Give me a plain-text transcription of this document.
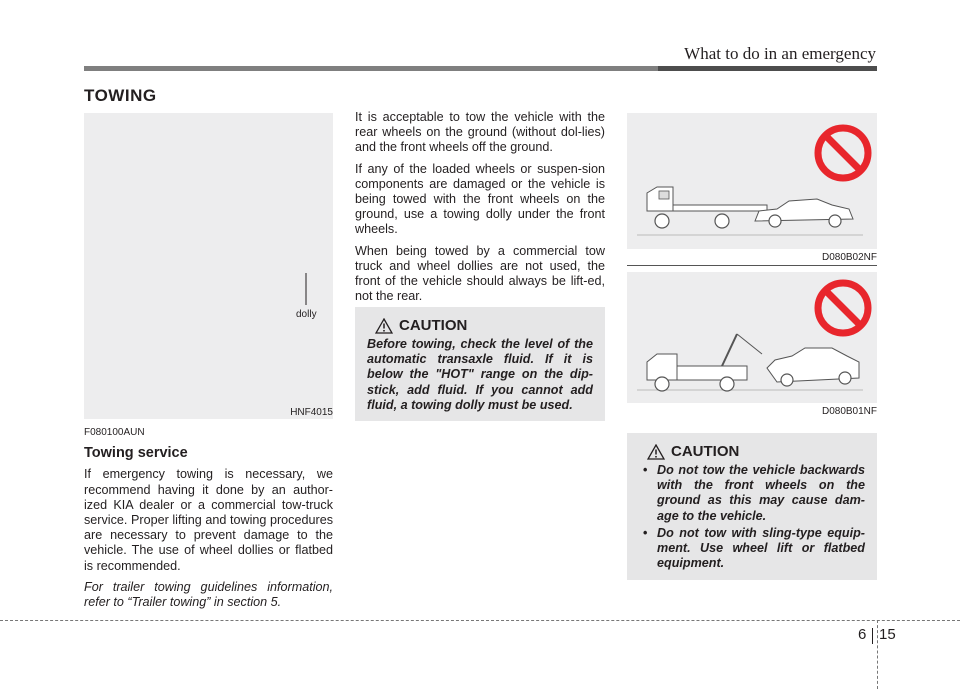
What to do in an emergency
TOWING
dolly
HNF4015
F080100AUN
Towing service

If emergency towing is necessary, we recommend having it done by an author-ized KIA dealer or a commercial tow-truck service. Proper lifting and towing procedures are necessary to prevent damage to the vehicle. The use of wheel dollies or flatbed is recommended.

For trailer towing guidelines information, refer to “Trailer towing” in section 5.

It is acceptable to tow the vehicle with the rear wheels on the ground (without dol-lies) and the front wheels off the ground.

If any of the loaded wheels or suspen-sion components are damaged or the vehicle is being towed with the front wheels on the ground, use a towing dolly under the front wheels.

When being towed by a commercial tow truck and wheel dollies are not used, the front of the vehicle should always be lift-ed, not the rear.

CAUTION
Before towing, check the level of the automatic transaxle fluid. If it is below the "HOT" range on the dip-stick, add fluid. If you cannot add fluid, a towing dolly must be used.
D080B02NF
D080B01NF
CAUTION
• Do not tow the vehicle backwards with the front wheels on the ground as this may cause dam-age to the vehicle.
• Do not tow with sling-type equip-ment. Use wheel lift or flatbed equipment.
6 15
